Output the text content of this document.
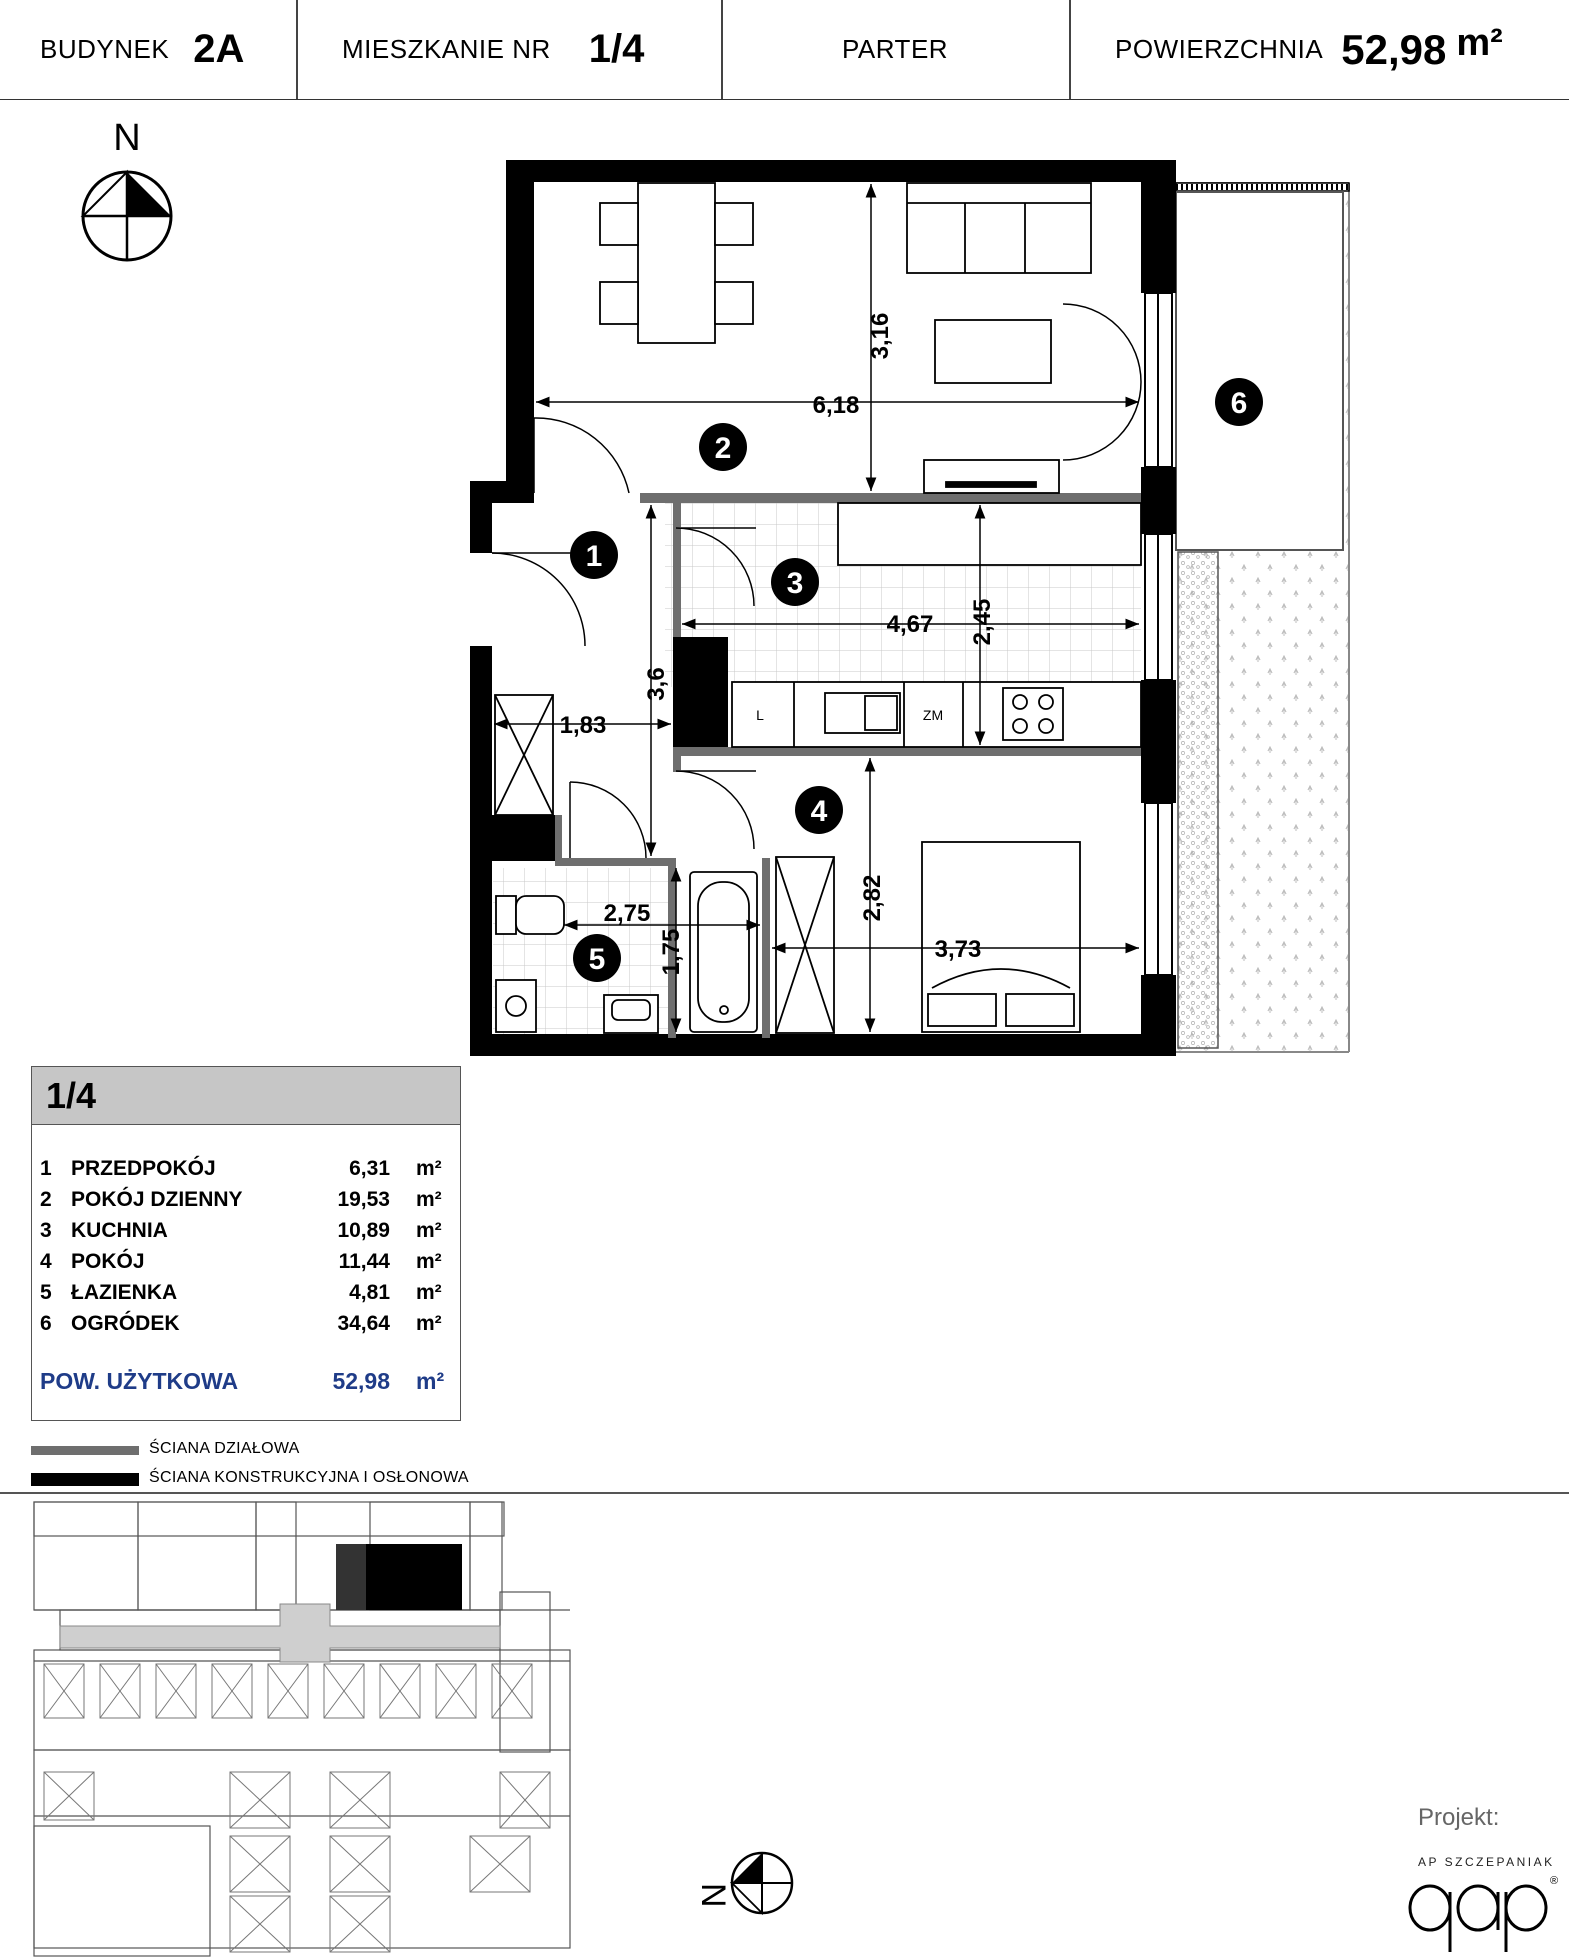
BUDYNEK 2A	MIESZKANIE NR 1/4	PARTER	POWIERZCHNIA 52,98 m²
N
L	ZM
6,18
3,16
4,67 2,45
1,83
3,6
3,73
2,82
2,75
1,75
1
2
3
4
5
6
1/4
1 PRZEDPOKÓJ	6,31 m²
2 POKÓJ DZIENNY	19,53 m²
3 KUCHNIA	10,89 m²
4 POKÓJ	11,44 m²
5 ŁAZIENKA	4,81 m²
6 OGRÓDEK	34,64 m²
POW. UŻYTKOWA	52,98 m²
ŚCIANA DZIAŁOWA
ŚCIANA KONSTRUKCYJNA I OSŁONOWA
N
Projekt:
AP SZCZEPANIAK
®
